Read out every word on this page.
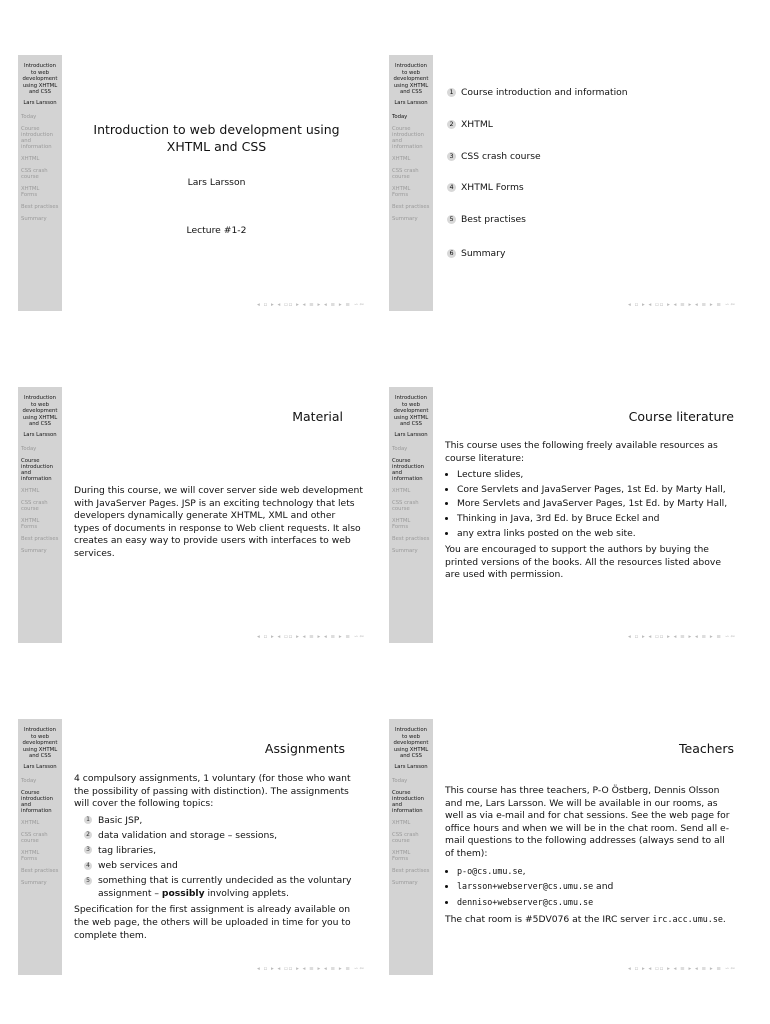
Introduction
to web
development
using XHTML
and CSS
Lars Larsson
Today
Course
introduction
and
information
XHTML
CSS crash
course
XHTML
Forms
Best practises
Summary
Introduction to web development using
XHTML and CSS
Lars Larsson
Lecture #1-2
◂ ▫ ▸ ◂ ▫▫ ▸ ◂ ≡ ▸ ◂ ≡ ▸ ≡ ∽∾
Introduction
to web
development
using XHTML
and CSS
Lars Larsson
Today
Course
introduction
and
information
XHTML
CSS crash
course
XHTML
Forms
Best practises
Summary
1 Course introduction and information
2 XHTML
3 CSS crash course
4 XHTML Forms
5 Best practises
6 Summary
◂ ▫ ▸ ◂ ▫▫ ▸ ◂ ≡ ▸ ◂ ≡ ▸ ≡ ∽∾
Introduction
to web
development
using XHTML
and CSS
Lars Larsson
Today
Course
introduction
and
information
XHTML
CSS crash
course
XHTML
Forms
Best practises
Summary
Material

During this course, we will cover server side web development with JavaServer Pages. JSP is an exciting technology that lets developers dynamically generate XHTML, XML and other types of documents in response to Web client requests. It also creates an easy way to provide users with interfaces to web services.

◂ ▫ ▸ ◂ ▫▫ ▸ ◂ ≡ ▸ ◂ ≡ ▸ ≡ ∽∾
Introduction
to web
development
using XHTML
and CSS
Lars Larsson
Today
Course
introduction
and
information
XHTML
CSS crash
course
XHTML
Forms
Best practises
Summary
Course literature

This course uses the following freely available resources as course literature:

• Lecture slides,
• Core Servlets and JavaServer Pages, 1st Ed. by Marty Hall,
• More Servlets and JavaServer Pages, 1st Ed. by Marty Hall,
• Thinking in Java, 3rd Ed. by Bruce Eckel and
• any extra links posted on the web site.

You are encouraged to support the authors by buying the printed versions of the books. All the resources listed above are used with permission.

◂ ▫ ▸ ◂ ▫▫ ▸ ◂ ≡ ▸ ◂ ≡ ▸ ≡ ∽∾
Introduction
to web
development
using XHTML
and CSS
Lars Larsson
Today
Course
introduction
and
information
XHTML
CSS crash
course
XHTML
Forms
Best practises
Summary
Assignments

4 compulsory assignments, 1 voluntary (for those who want the possibility of passing with distinction). The assignments will cover the following topics:

1 Basic JSP,
2 data validation and storage – sessions,
3 tag libraries,
4 web services and
5 something that is currently undecided as the voluntary assignment – possibly involving applets.

Specification for the first assignment is already available on the web page, the others will be uploaded in time for you to complete them.

◂ ▫ ▸ ◂ ▫▫ ▸ ◂ ≡ ▸ ◂ ≡ ▸ ≡ ∽∾
Introduction
to web
development
using XHTML
and CSS
Lars Larsson
Today
Course
introduction
and
information
XHTML
CSS crash
course
XHTML
Forms
Best practises
Summary
Teachers

This course has three teachers, P-O Östberg, Dennis Olsson and me, Lars Larsson. We will be available in our rooms, as well as via e-mail and for chat sessions. See the web page for office hours and when we will be in the chat room. Send all e-mail questions to the following addresses (always send to all of them):

• p-o@cs.umu.se,
• larsson+webserver@cs.umu.se and
• denniso+webserver@cs.umu.se

The chat room is #5DV076 at the IRC server irc.acc.umu.se.

◂ ▫ ▸ ◂ ▫▫ ▸ ◂ ≡ ▸ ◂ ≡ ▸ ≡ ∽∾
